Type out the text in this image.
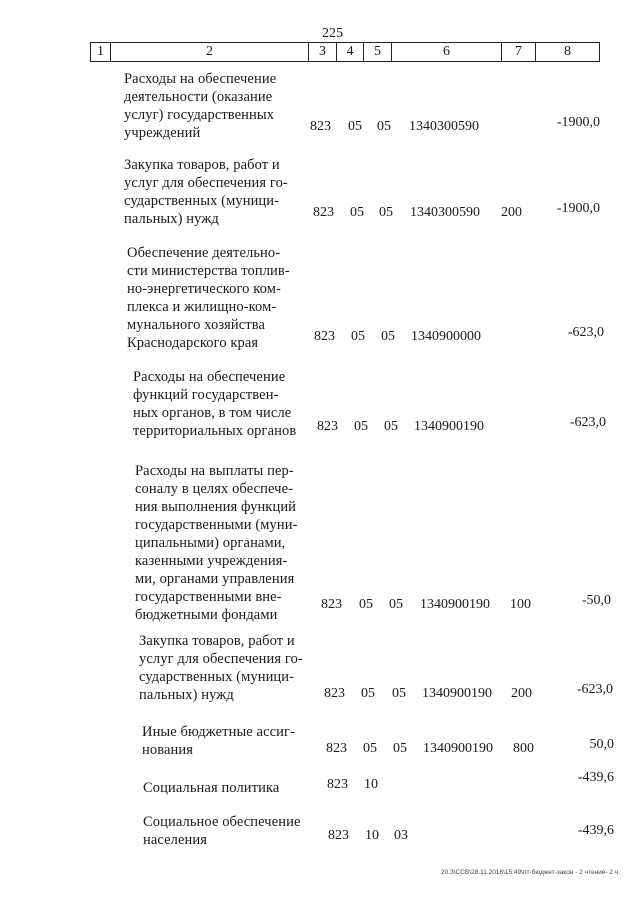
225
1	2	3	4	5	6	7	8
Расходы на обеспечение
деятельности (оказание
услуг) государственных
учреждений	823 05 05 1340300590	-1900,0
Закупка товаров, работ и
услуг для обеспечения го-
сударственных (муници-
пальных) нужд	823 05 05 1340300590 200 -1900,0
Обеспечение деятельно-
сти министерства топлив-
но-энергетического ком-
плекса и жилищно-ком-
мунального хозяйства
Краснодарского края	823 05 05 1340900000	-623,0
Расходы на обеспечение
функций государствен-
ных органов, в том числе
территориальных органов	823 05 05 1340900190	-623,0
Расходы на выплаты пер-
соналу в целях обеспече-
ния выполнения функций
государственными (муни-
ципальными) органами,
казенными учреждения-
ми, органами управления
государственными вне-
бюджетными фондами
823 05 05 1340900190 100	-50,0
Закупка товаров, работ и
услуг для обеспечения го-
сударственных (муници-
пальных) нужд	823 05 05 1340900190 200	-623,0
Иные бюджетные ассиг-
нования	823 05 05 1340900190 800	50,0
Социальная политика	823 10	-439,6
Социальное обеспечение
населения	823 10 03	-439,6
20.3\CCB\28.11.2016\15:49\пт-бюджет-закон - 2 чтение- 2 ч.
